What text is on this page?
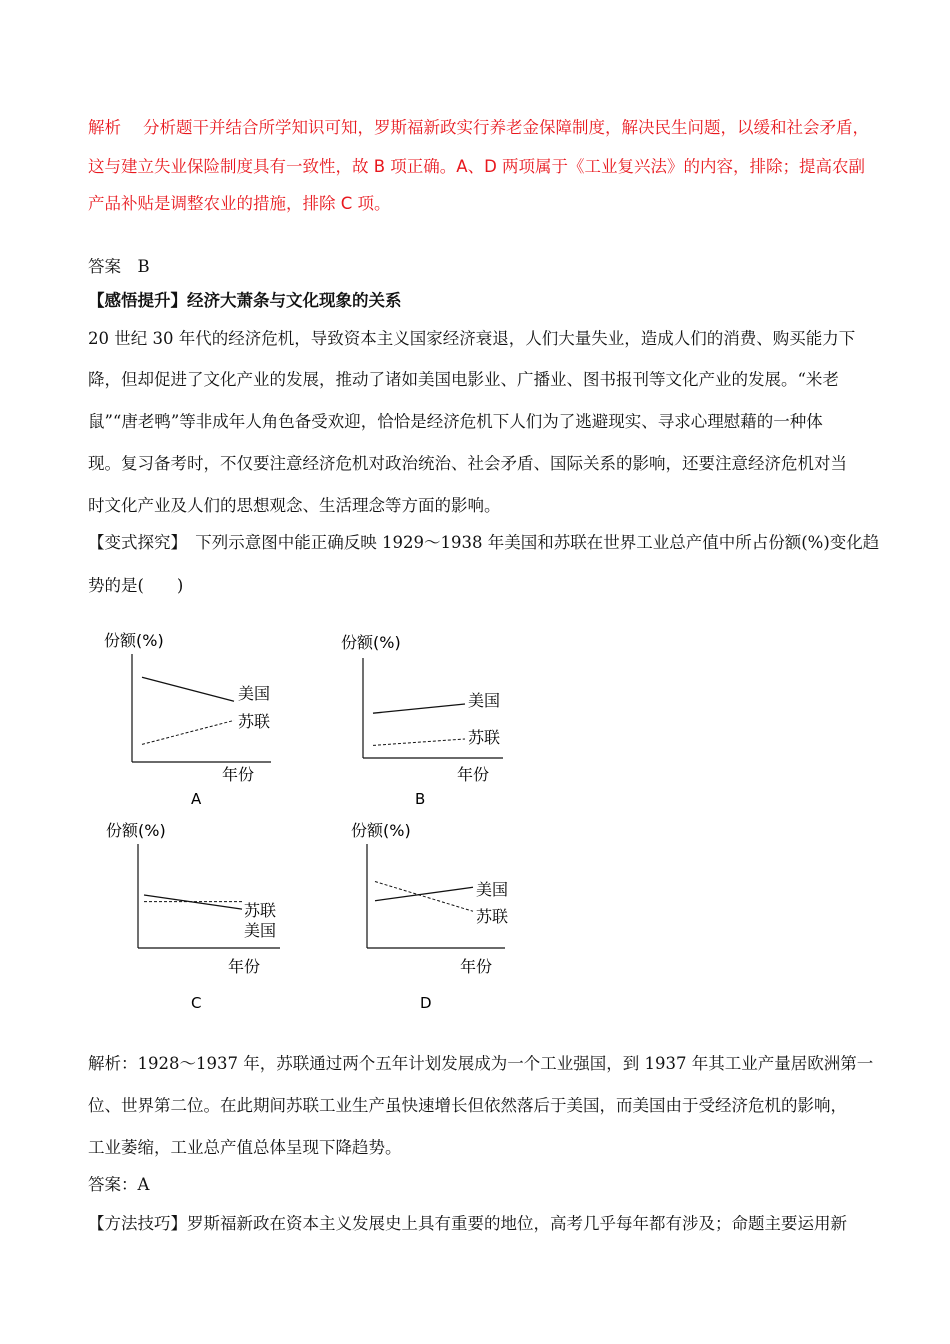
解析 分析题干并结合所学知识可知，罗斯福新政实行养老金保障制度，解决民生问题，以缓和社会矛盾，
这与建立失业保险制度具有一致性，故 B 项正确。A、D 两项属于《工业复兴法》的内容，排除；提高农副
产品补贴是调整农业的措施，排除 C 项。
答案　B
【感悟提升】经济大萧条与文化现象的关系
20 世纪 30 年代的经济危机，导致资本主义国家经济衰退，人们大量失业，造成人们的消费、购买能力下
降，但却促进了文化产业的发展，推动了诸如美国电影业、广播业、图书报刊等文化产业的发展。“米老
鼠”“唐老鸭”等非成年人角色备受欢迎，恰恰是经济危机下人们为了逃避现实、寻求心理慰藉的一种体
现。复习备考时，不仅要注意经济危机对政治统治、社会矛盾、国际关系的影响，还要注意经济危机对当
时文化产业及人们的思想观念、生活理念等方面的影响。
【变式探究】　下列示意图中能正确反映 1929～1938 年美国和苏联在世界工业总产值中所占份额(%)变化趋
势的是(　　)
份额(%)
美国
苏联
年份
A
份额(%)
美国
苏联
年份
B
份额(%)
苏联
美国
年份
C
份额(%)
美国
苏联
年份
D
解析：1928～1937 年，苏联通过两个五年计划发展成为一个工业强国，到 1937 年其工业产量居欧洲第一
位、世界第二位。在此期间苏联工业生产虽快速增长但依然落后于美国，而美国由于受经济危机的影响，
工业萎缩，工业总产值总体呈现下降趋势。
答案：A
【方法技巧】罗斯福新政在资本主义发展史上具有重要的地位，高考几乎每年都有涉及；命题主要运用新
